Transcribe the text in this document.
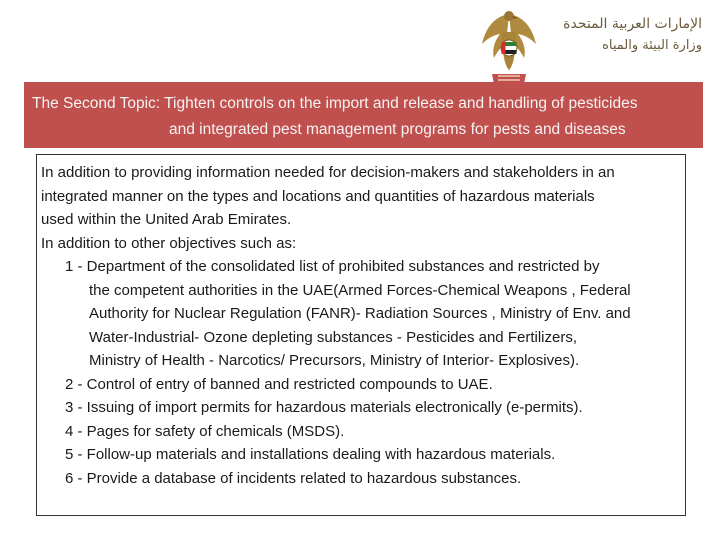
الإمارات العربية المتحدة
وزارة البيئة والمياه
The Second Topic: Tighten controls on the import and release and handling of pesticides
and integrated pest management programs for pests and diseases

In addition to providing information needed for decision-makers and stakeholders in an

integrated manner on the types and locations and quantities of hazardous materials

used within the United Arab Emirates.

In addition to other objectives such as:

1 - Department of the consolidated list of prohibited substances and restricted by

the competent authorities in the UAE(Armed Forces-Chemical Weapons , Federal

Authority for Nuclear Regulation (FANR)- Radiation Sources , Ministry of Env. and

Water-Industrial- Ozone depleting substances - Pesticides and Fertilizers,

Ministry of Health - Narcotics/ Precursors, Ministry of Interior- Explosives).

2 - Control of entry of banned and restricted compounds to UAE.

3 - Issuing of import permits for hazardous materials electronically (e-permits).

4 - Pages for safety of chemicals (MSDS).

5 - Follow-up materials and installations dealing with hazardous materials.

6 - Provide a database of incidents related to hazardous substances.
